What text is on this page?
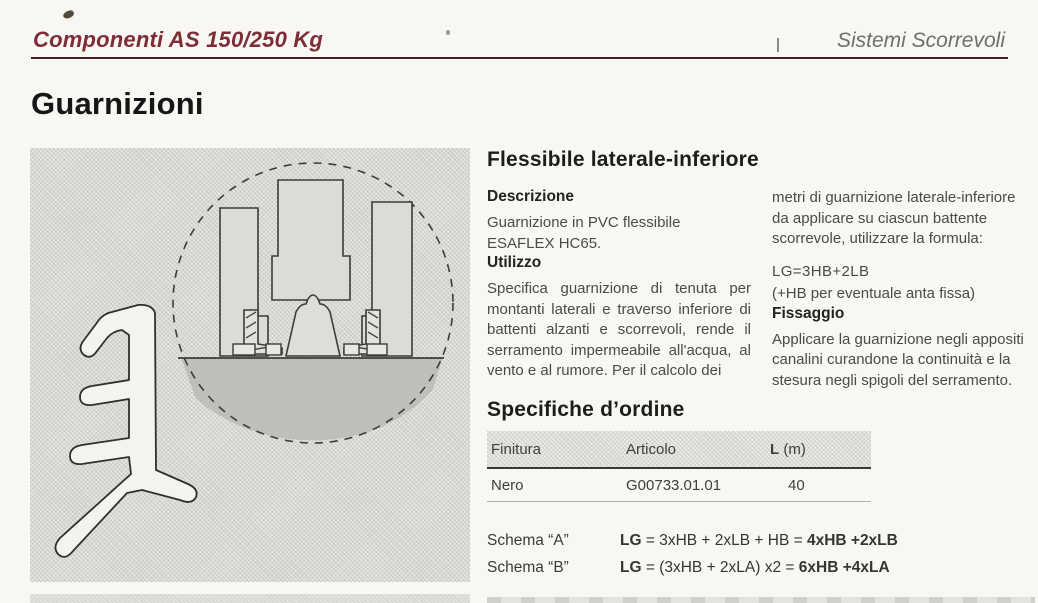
Componenti AS 150/250 Kg	Sistemi Scorrevoli
Guarnizioni
Flessibile laterale-inferiore
Descrizione

Guarnizione in PVC flessibile ESAFLEX HC65.

Utilizzo

Specifica guarnizione di tenuta per montanti laterali e traverso inferiore di battenti alzanti e scorrevoli, rende il serramento impermeabile all'acqua, al vento e al rumore. Per il calcolo dei

metri di guarnizione laterale-inferiore da applicare su ciascun battente scorrevole, utilizzare la formula:

LG=3HB+2LB

(+HB per eventuale anta fissa)

Fissaggio

Applicare la guarnizione negli appositi canalini curandone la continuità e la stesura negli spigoli del serramento.

Specifiche d’ordine
Finitura	Articolo	L (m)
Nero	G00733.01.01	40
Schema “A”	LG = 3xHB + 2xLB + HB = 4xHB +2xLB
Schema “B”	LG = (3xHB + 2xLA) x2 = 6xHB +4xLA
